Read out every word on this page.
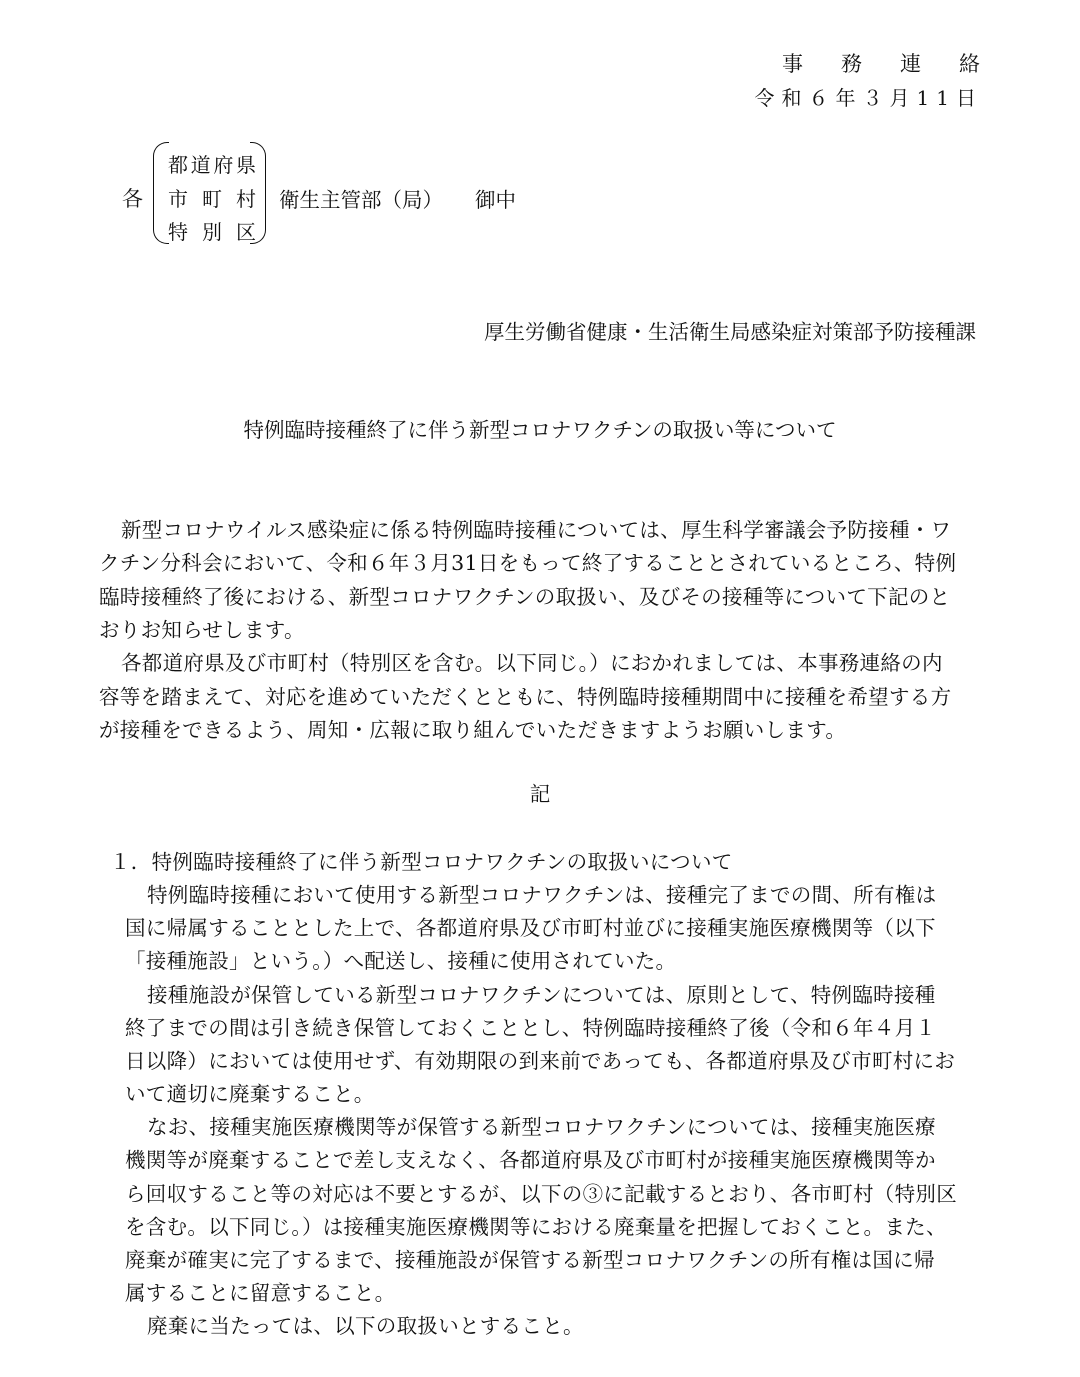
事務連絡
令和６年３月11日
各
都 道 府 県
市 町 村
特 別 区
衛生主管部（局） 御中
厚生労働省健康・生活衛生局感染症対策部予防接種課
特例臨時接種終了に伴う新型コロナワクチンの取扱い等について
新型コロナウイルス感染症に係る特例臨時接種については、厚生科学審議会予防接種・ワ
クチン分科会において、令和６年３月31日をもって終了することとされているところ、特例
臨時接種終了後における、新型コロナワクチンの取扱い、及びその接種等について下記のと
おりお知らせします。
各都道府県及び市町村（特別区を含む。以下同じ。）におかれましては、本事務連絡の内
容等を踏まえて、対応を進めていただくとともに、特例臨時接種期間中に接種を希望する方
が接種をできるよう、周知・広報に取り組んでいただきますようお願いします。
記
１．特例臨時接種終了に伴う新型コロナワクチンの取扱いについて
特例臨時接種において使用する新型コロナワクチンは、接種完了までの間、所有権は
国に帰属することとした上で、各都道府県及び市町村並びに接種実施医療機関等（以下
「接種施設」という。）へ配送し、接種に使用されていた。
接種施設が保管している新型コロナワクチンについては、原則として、特例臨時接種
終了までの間は引き続き保管しておくこととし、特例臨時接種終了後（令和６年４月１
日以降）においては使用せず、有効期限の到来前であっても、各都道府県及び市町村にお
いて適切に廃棄すること。
なお、接種実施医療機関等が保管する新型コロナワクチンについては、接種実施医療
機関等が廃棄することで差し支えなく、各都道府県及び市町村が接種実施医療機関等か
ら回収すること等の対応は不要とするが、以下の③に記載するとおり、各市町村（特別区
を含む。以下同じ。）は接種実施医療機関等における廃棄量を把握しておくこと。また、
廃棄が確実に完了するまで、接種施設が保管する新型コロナワクチンの所有権は国に帰
属することに留意すること。
廃棄に当たっては、以下の取扱いとすること。
